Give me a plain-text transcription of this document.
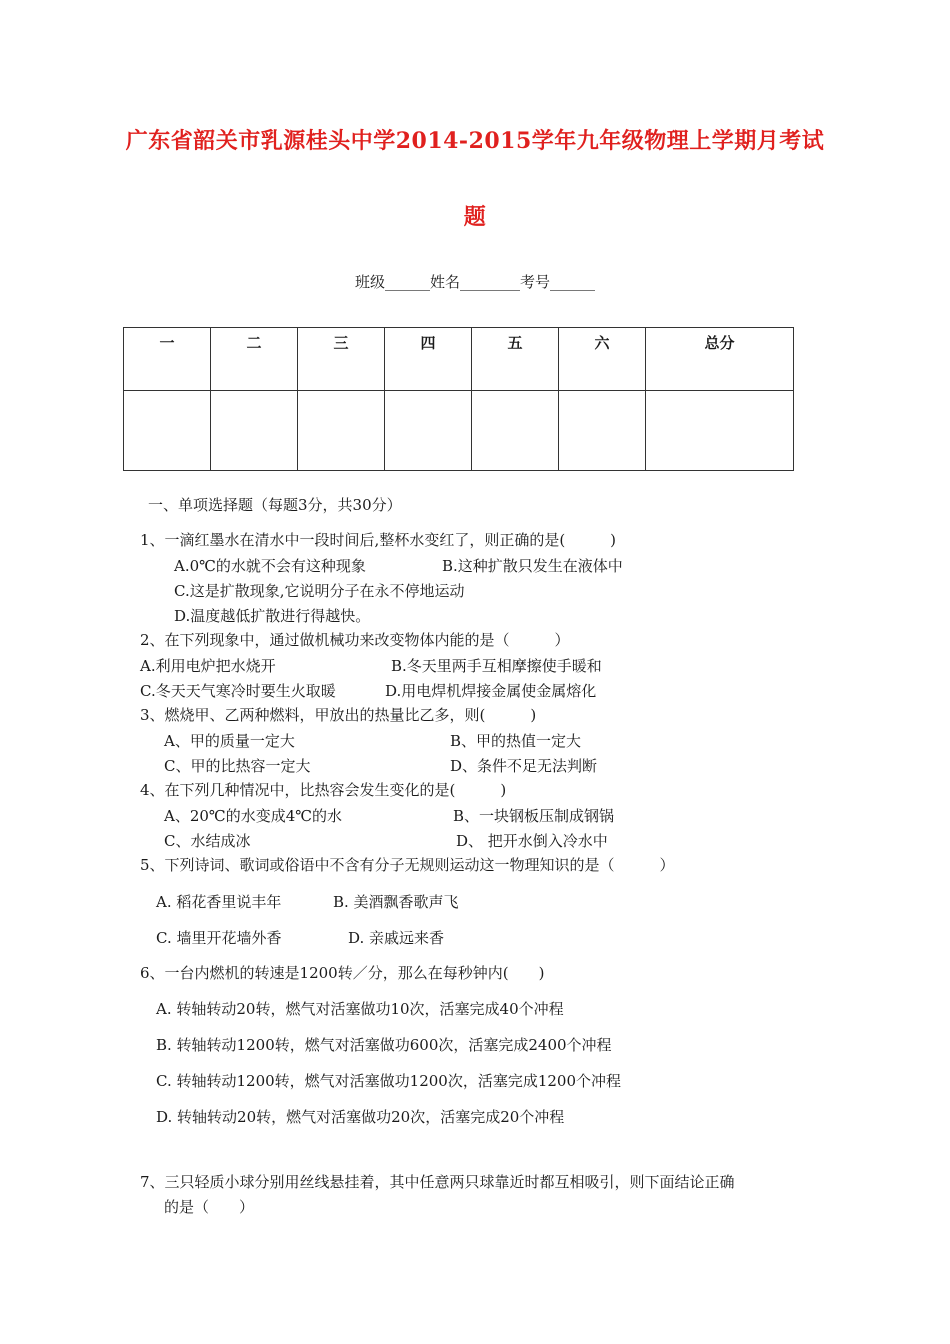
广东省韶关市乳源桂头中学2014-2015学年九年级物理上学期月考试
题
班级______姓名________考号______
一	二	三	四	五	六	总分

一、单项选择题（每题3分，共30分）
1、一滴红墨水在清水中一段时间后,整杯水变红了，则正确的是(　　　)
A.0℃的水就不会有这种现象	B.这种扩散只发生在液体中
C.这是扩散现象,它说明分子在永不停地运动
D.温度越低扩散进行得越快。
2、在下列现象中，通过做机械功来改变物体内能的是（　　　）
A.利用电炉把水烧开	B.冬天里两手互相摩擦使手暖和
C.冬天天气寒冷时要生火取暖	D.用电焊机焊接金属使金属熔化
3、燃烧甲、乙两种燃料，甲放出的热量比乙多，则(　　　)
A、甲的质量一定大	B、甲的热值一定大
C、甲的比热容一定大	D、条件不足无法判断
4、在下列几种情况中，比热容会发生变化的是(　　　)
A、20℃的水变成4℃的水	B、一块钢板压制成钢锅
C、水结成冰	D、 把开水倒入冷水中
5、下列诗词、歌词或俗语中不含有分子无规则运动这一物理知识的是（　　　）
A. 稻花香里说丰年	B. 美酒飘香歌声飞
C. 墙里开花墙外香	D. 亲戚远来香
6、一台内燃机的转速是1200转／分，那么在每秒钟内(　　)
A. 转轴转动20转，燃气对活塞做功10次，活塞完成40个冲程
B. 转轴转动1200转，燃气对活塞做功600次，活塞完成2400个冲程
C. 转轴转动1200转，燃气对活塞做功1200次，活塞完成1200个冲程
D. 转轴转动20转，燃气对活塞做功20次，活塞完成20个冲程
7、三只轻质小球分别用丝线悬挂着，其中任意两只球靠近时都互相吸引，则下面结论正确
的是（　　）
